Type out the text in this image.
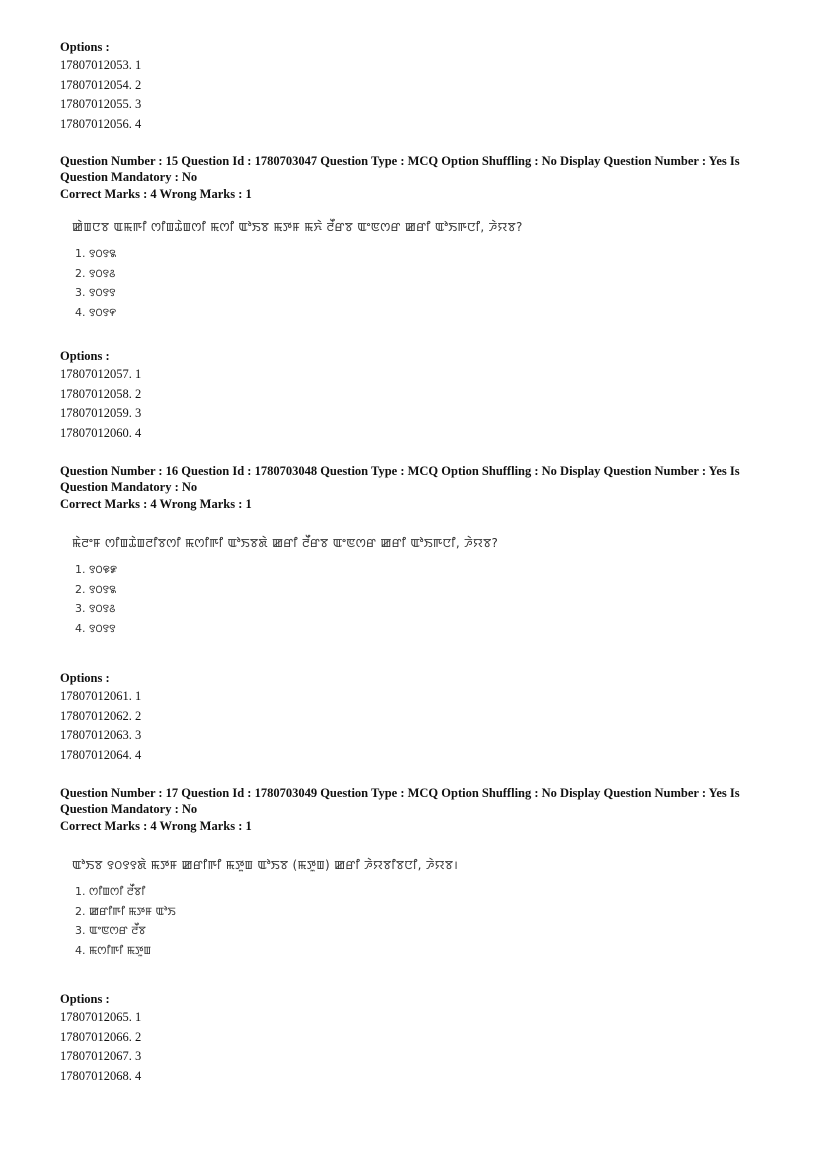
Options :
17807012053. 1
17807012054. 2
17807012055. 3
17807012056. 4
Question Number : 15 Question Id : 1780703047 Question Type : MCQ Option Shuffling : No Display Question Number : Yes Is Question Mandatory : No
Correct Marks : 4 Wrong Marks : 1
ꯀꯥꯡꯅꯕ ꯑꯃꯒꯤ ꯁꯤꯡꯊꯥꯡꯁꯤ ꯃꯁꯤ ꯑꯣꯏꯕ ꯃꯇꯝ ꯃꯈꯥ ꯂꯩꯔꯕ ꯑꯦꯟꯁꯔ ꯀꯔꯤ ꯑꯣꯏꯒꯅꯤ, ꯍꯥꯌꯕ?
1. ꯱꯰꯱꯲
2. ꯱꯰꯱꯴
3. ꯱꯰꯱꯱
4. ꯱꯰꯱꯵
Options :
17807012057. 1
17807012058. 2
17807012059. 3
17807012060. 4
Question Number : 16 Question Id : 1780703048 Question Type : MCQ Option Shuffling : No Display Question Number : Yes Is Question Mandatory : No
Correct Marks : 4 Wrong Marks : 1
ꯃꯥꯂꯦꯝ ꯁꯤꯡꯊꯥꯡꯂꯤꯕꯁꯤ ꯃꯁꯤꯒꯤ ꯑꯣꯏꯕꯗꯥ ꯀꯔꯤ ꯂꯩꯔꯕ ꯑꯦꯟꯁꯔ ꯀꯔꯤ ꯑꯣꯏꯒꯅꯤ, ꯍꯥꯌꯕ?
1. ꯱꯰꯶꯹
2. ꯱꯰꯱꯲
3. ꯱꯰꯱꯴
4. ꯱꯰꯱꯱
Options :
17807012061. 1
17807012062. 2
17807012063. 3
17807012064. 4
Question Number : 17 Question Id : 1780703049 Question Type : MCQ Option Shuffling : No Display Question Number : Yes Is Question Mandatory : No
Correct Marks : 4 Wrong Marks : 1
ꯑꯣꯏꯕ ꯱꯰꯱꯱ꯗꯥ ꯃꯇꯝ ꯀꯔꯤꯒꯤ ꯃꯇꯨꯡ ꯑꯣꯏꯕ (ꯃꯇꯨꯡ) ꯀꯔꯤ ꯍꯥꯌꯕꯤꯕꯅꯤ, ꯍꯥꯌꯕ।
1. ꯁꯤꯡꯁꯤ ꯂꯩꯕꯤ
2. ꯀꯔꯤꯒꯤ ꯃꯇꯝ ꯑꯣꯏ
3. ꯑꯦꯟꯁꯔ ꯂꯩꯕ
4. ꯃꯁꯤꯒꯤ ꯃꯇꯨꯡ
Options :
17807012065. 1
17807012066. 2
17807012067. 3
17807012068. 4
